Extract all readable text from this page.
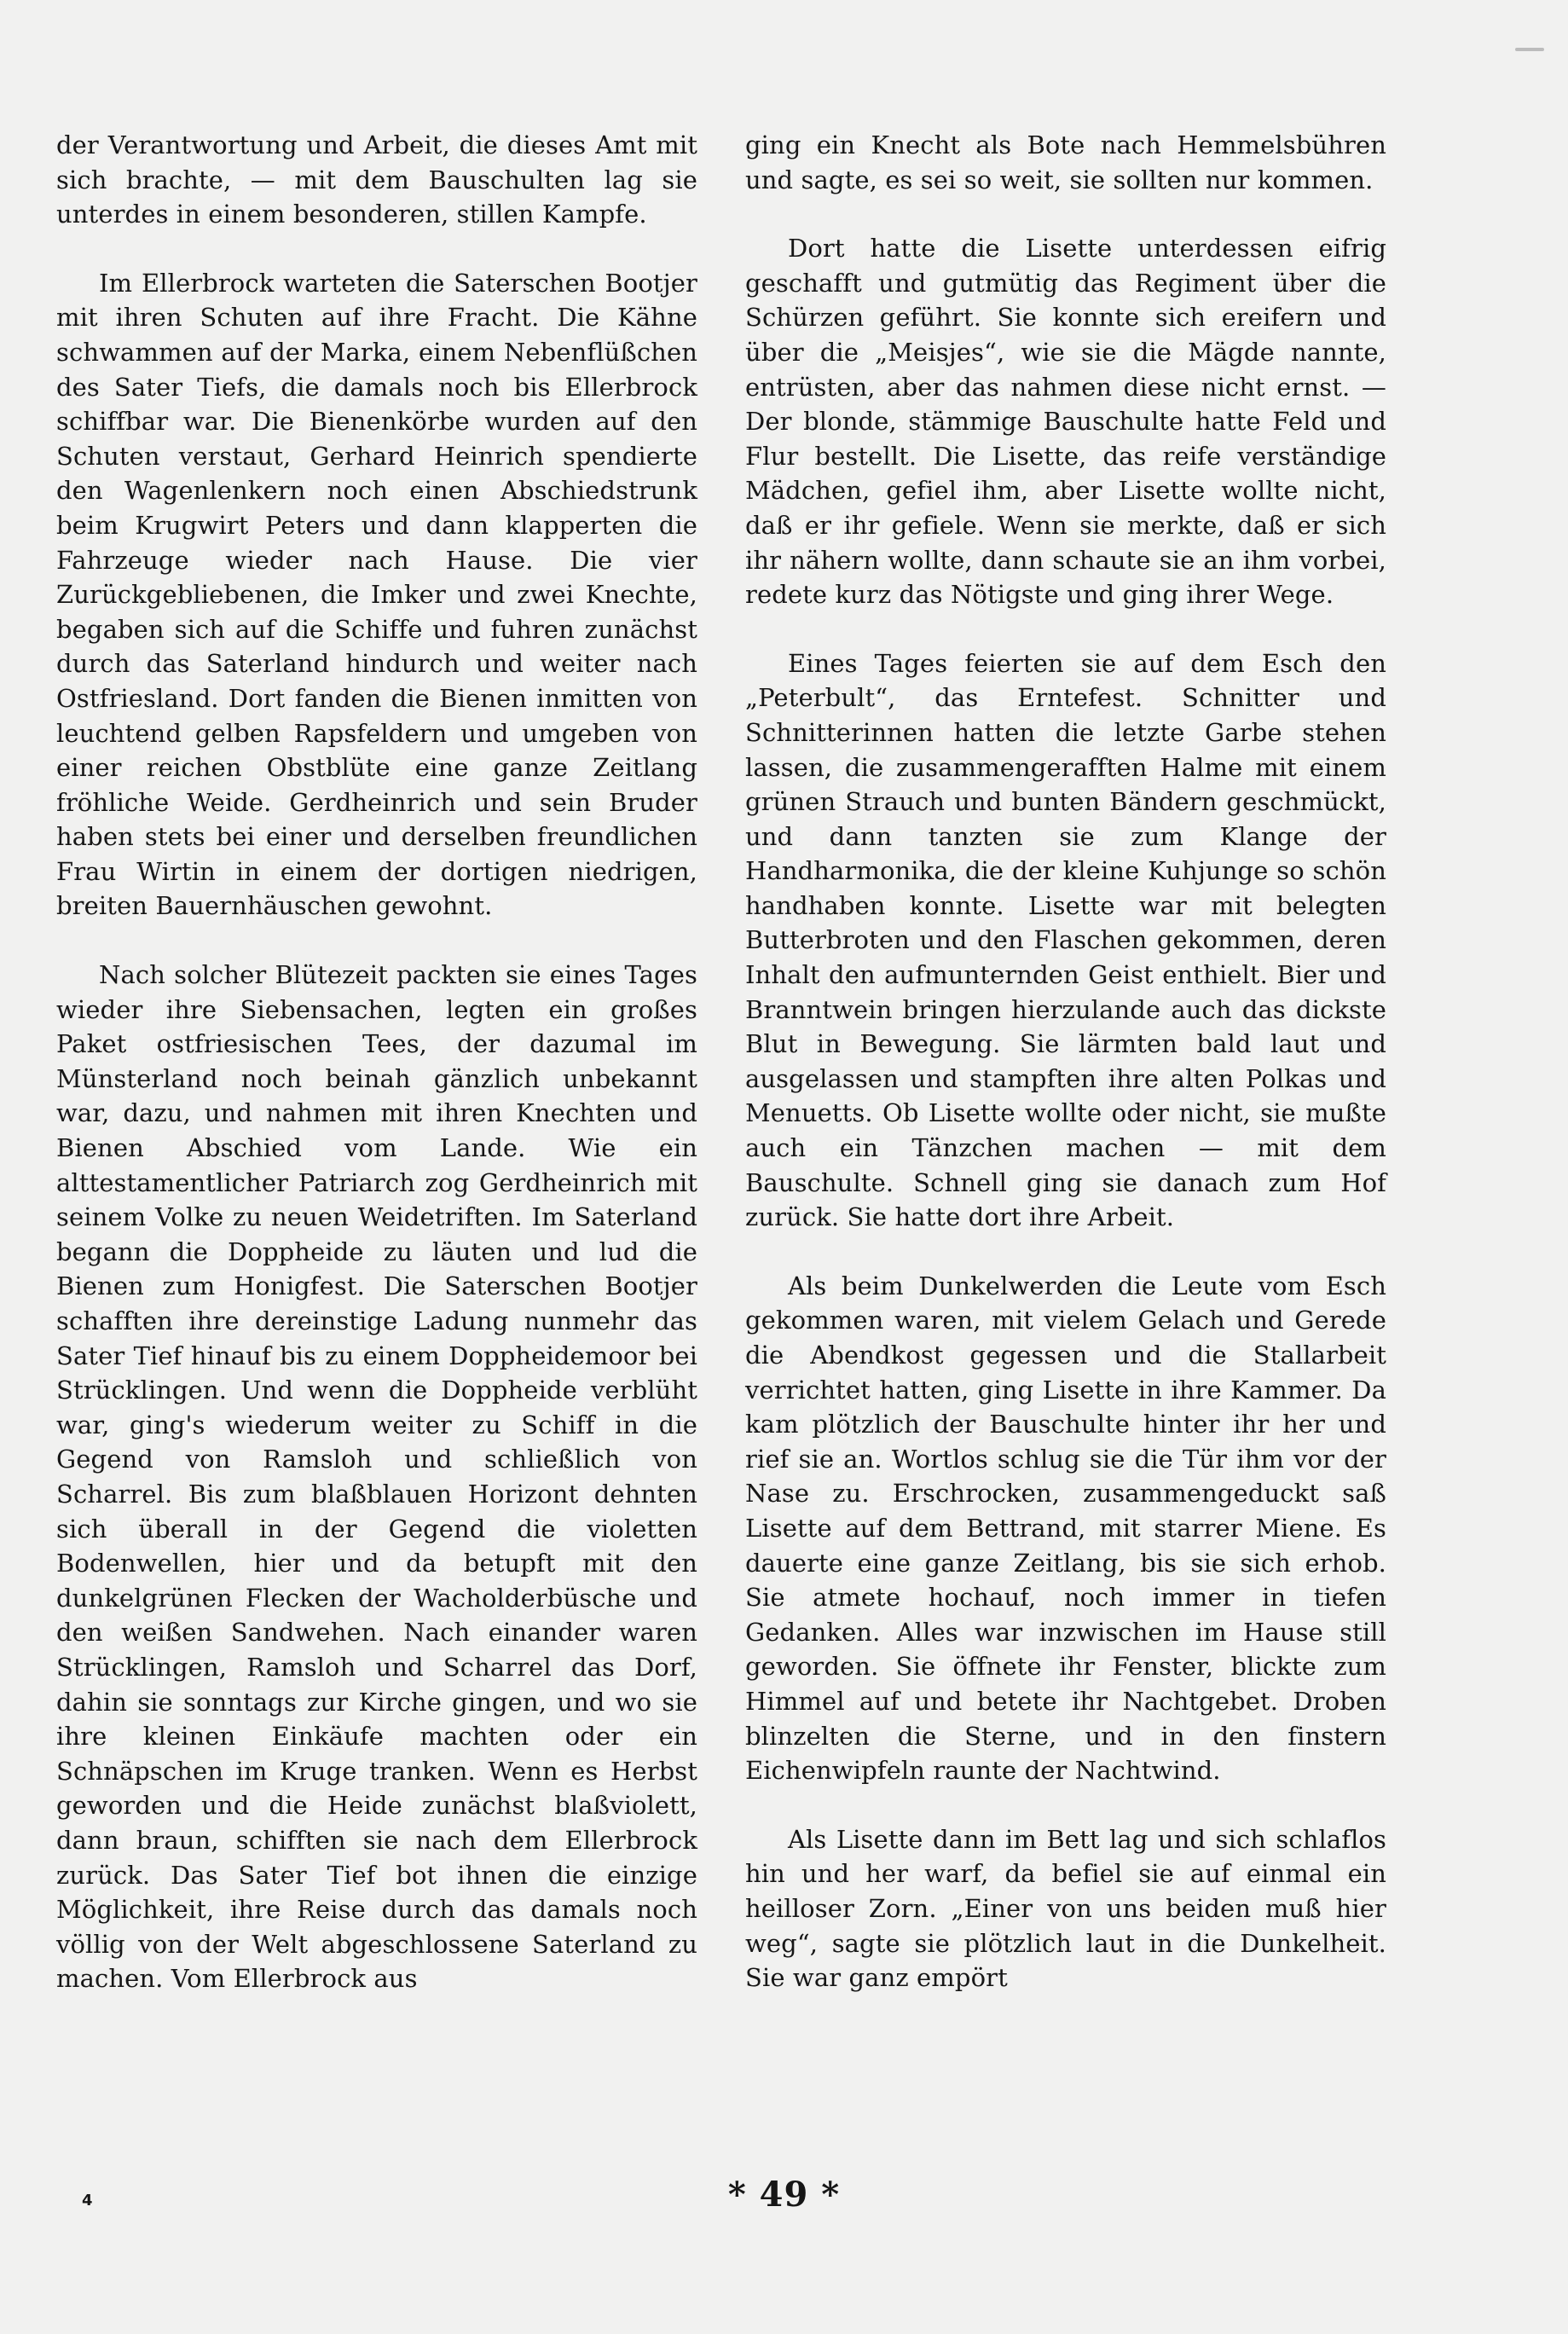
der Verantwortung und Arbeit, die dieses Amt mit sich brachte, — mit dem Bauschulten lag sie unterdes in einem besonderen, stillen Kampfe.

Im Ellerbrock warteten die Saterschen Bootjer mit ihren Schuten auf ihre Fracht. Die Kähne schwammen auf der Marka, einem Nebenflüßchen des Sater Tiefs, die damals noch bis Ellerbrock schiffbar war. Die Bienenkörbe wurden auf den Schuten verstaut, Gerhard Heinrich spendierte den Wagenlenkern noch einen Abschiedstrunk beim Krugwirt Peters und dann klapperten die Fahrzeuge wieder nach Hause. Die vier Zurückgebliebenen, die Imker und zwei Knechte, begaben sich auf die Schiffe und fuhren zunächst durch das Saterland hindurch und weiter nach Ostfriesland. Dort fanden die Bienen inmitten von leuchtend gelben Rapsfeldern und umgeben von einer reichen Obstblüte eine ganze Zeitlang fröhliche Weide. Gerdheinrich und sein Bruder haben stets bei einer und derselben freundlichen Frau Wirtin in einem der dortigen niedrigen, breiten Bauernhäuschen gewohnt.

Nach solcher Blütezeit packten sie eines Tages wieder ihre Siebensachen, legten ein großes Paket ostfriesischen Tees, der dazumal im Münsterland noch beinah gänzlich unbekannt war, dazu, und nahmen mit ihren Knechten und Bienen Abschied vom Lande. Wie ein alttestamentlicher Patriarch zog Gerdheinrich mit seinem Volke zu neuen Weidetriften. Im Saterland begann die Doppheide zu läuten und lud die Bienen zum Honigfest. Die Saterschen Bootjer schafften ihre dereinstige Ladung nunmehr das Sater Tief hinauf bis zu einem Doppheidemoor bei Strücklingen. Und wenn die Doppheide verblüht war, ging's wiederum weiter zu Schiff in die Gegend von Ramsloh und schließlich von Scharrel. Bis zum blaßblauen Horizont dehnten sich überall in der Gegend die violetten Bodenwellen, hier und da betupft mit den dunkelgrünen Flecken der Wacholderbüsche und den weißen Sandwehen. Nach einander waren Strücklingen, Ramsloh und Scharrel das Dorf, dahin sie sonntags zur Kirche gingen, und wo sie ihre kleinen Einkäufe machten oder ein Schnäpschen im Kruge tranken. Wenn es Herbst geworden und die Heide zunächst blaßviolett, dann braun, schifften sie nach dem Ellerbrock zurück. Das Sater Tief bot ihnen die einzige Möglichkeit, ihre Reise durch das damals noch völlig von der Welt abgeschlossene Saterland zu machen. Vom Ellerbrock aus

ging ein Knecht als Bote nach Hemmelsbühren und sagte, es sei so weit, sie sollten nur kommen.

Dort hatte die Lisette unterdessen eifrig geschafft und gutmütig das Regiment über die Schürzen geführt. Sie konnte sich ereifern und über die „Meisjes“, wie sie die Mägde nannte, entrüsten, aber das nahmen diese nicht ernst. — Der blonde, stämmige Bauschulte hatte Feld und Flur bestellt. Die Lisette, das reife verständige Mädchen, gefiel ihm, aber Lisette wollte nicht, daß er ihr gefiele. Wenn sie merkte, daß er sich ihr nähern wollte, dann schaute sie an ihm vorbei, redete kurz das Nötigste und ging ihrer Wege.

Eines Tages feierten sie auf dem Esch den „Peterbult“, das Erntefest. Schnitter und Schnitterinnen hatten die letzte Garbe stehen lassen, die zusammengerafften Halme mit einem grünen Strauch und bunten Bändern geschmückt, und dann tanzten sie zum Klange der Handharmonika, die der kleine Kuhjunge so schön handhaben konnte. Lisette war mit belegten Butterbroten und den Flaschen gekommen, deren Inhalt den aufmunternden Geist enthielt. Bier und Branntwein bringen hierzulande auch das dickste Blut in Bewegung. Sie lärmten bald laut und ausgelassen und stampften ihre alten Polkas und Menuetts. Ob Lisette wollte oder nicht, sie mußte auch ein Tänzchen machen — mit dem Bauschulte. Schnell ging sie danach zum Hof zurück. Sie hatte dort ihre Arbeit.

Als beim Dunkelwerden die Leute vom Esch gekommen waren, mit vielem Gelach und Gerede die Abendkost gegessen und die Stallarbeit verrichtet hatten, ging Lisette in ihre Kammer. Da kam plötzlich der Bauschulte hinter ihr her und rief sie an. Wortlos schlug sie die Tür ihm vor der Nase zu. Erschrocken, zusammengeduckt saß Lisette auf dem Bettrand, mit starrer Miene. Es dauerte eine ganze Zeitlang, bis sie sich erhob. Sie atmete hochauf, noch immer in tiefen Gedanken. Alles war inzwischen im Hause still geworden. Sie öffnete ihr Fenster, blickte zum Himmel auf und betete ihr Nachtgebet. Droben blinzelten die Sterne, und in den finstern Eichenwipfeln raunte der Nachtwind.

Als Lisette dann im Bett lag und sich schlaflos hin und her warf, da befiel sie auf einmal ein heilloser Zorn. „Einer von uns beiden muß hier weg“, sagte sie plötzlich laut in die Dunkelheit. Sie war ganz empört

4	* 49 *
